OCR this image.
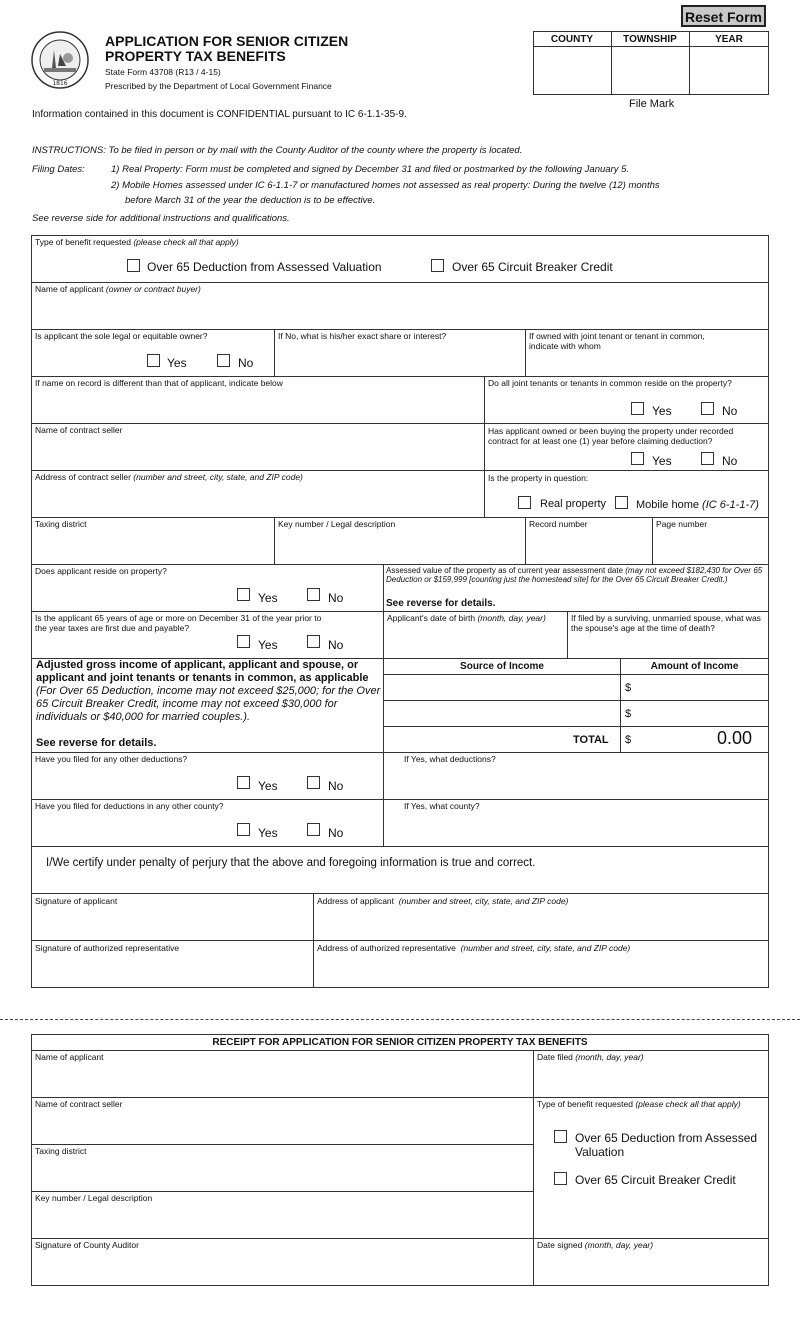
Reset Form
1816
APPLICATION FOR SENIOR CITIZEN
PROPERTY TAX BENEFITS
State Form 43708 (R13 / 4-15)
Prescribed by the Department of Local Government Finance
COUNTY	TOWNSHIP	YEAR
File Mark
Information contained in this document is CONFIDENTIAL pursuant to IC 6-1.1-35-9.
INSTRUCTIONS: To be filed in person or by mail with the County Auditor of the county where the property is located.
Filing Dates:	1) Real Property: Form must be completed and signed by December 31 and filed or postmarked by the following January 5.
2) Mobile Homes assessed under IC 6-1.1-7 or manufactured homes not assessed as real property: During the twelve (12) months
before March 31 of the year the deduction is to be effective.
See reverse side for additional instructions and qualifications.
Type of benefit requested (please check all that apply)
Over 65 Deduction from Assessed Valuation	Over 65 Circuit Breaker Credit
Name of applicant (owner or contract buyer)
Is applicant the sole legal or equitable owner?
Yes	No
If No, what is his/her exact share or interest?	If owned with joint tenant or tenant in common, indicate with whom
If name on record is different than that of applicant, indicate below	Do all joint tenants or tenants in common reside on the property?
Yes	No
Name of contract seller	Has applicant owned or been buying the property under recorded contract for at least one (1) year before claiming deduction?
Yes	No
Address of contract seller (number and street, city, state, and ZIP code)	Is the property in question:
Real property	Mobile home (IC 6-1-1-7)
Taxing district	Key number / Legal description	Record number	Page number
Does applicant reside on property?
Yes	No
Assessed value of the property as of current year assessment date (may not exceed $182,430 for Over 65 Deduction or $159,999 [counting just the homestead site] for the Over 65 Circuit Breaker Credit.)
See reverse for details.
Is the applicant 65 years of age or more on December 31 of the year prior to the year taxes are first due and payable?
Yes	No
Applicant's date of birth (month, day, year)	If filed by a surviving, unmarried spouse, what was the spouse's age at the time of death?
Adjusted gross income of applicant, applicant and spouse, or applicant and joint tenants or tenants in common, as applicable (For Over 65 Deduction, income may not exceed $25,000; for the Over 65 Circuit Breaker Credit, income may not exceed $30,000 for individuals or $40,000 for married couples.).
See reverse for details.
Source of Income	Amount of Income
$
$
TOTAL $	0.00
Have you filed for any other deductions?
Yes	No
If Yes, what deductions?
Have you filed for deductions in any other county?
Yes	No
If Yes, what county?
I/We certify under penalty of perjury that the above and foregoing information is true and correct.
Signature of applicant	Address of applicant (number and street, city, state, and ZIP code)
Signature of authorized representative	Address of authorized representative (number and street, city, state, and ZIP code)
RECEIPT FOR APPLICATION FOR SENIOR CITIZEN PROPERTY TAX BENEFITS
Name of applicant	Date filed (month, day, year)
Name of contract seller	Type of benefit requested (please check all that apply)
Over 65 Deduction from Assessed
Valuation
Over 65 Circuit Breaker Credit
Taxing district
Key number / Legal description
Signature of County Auditor	Date signed (month, day, year)
